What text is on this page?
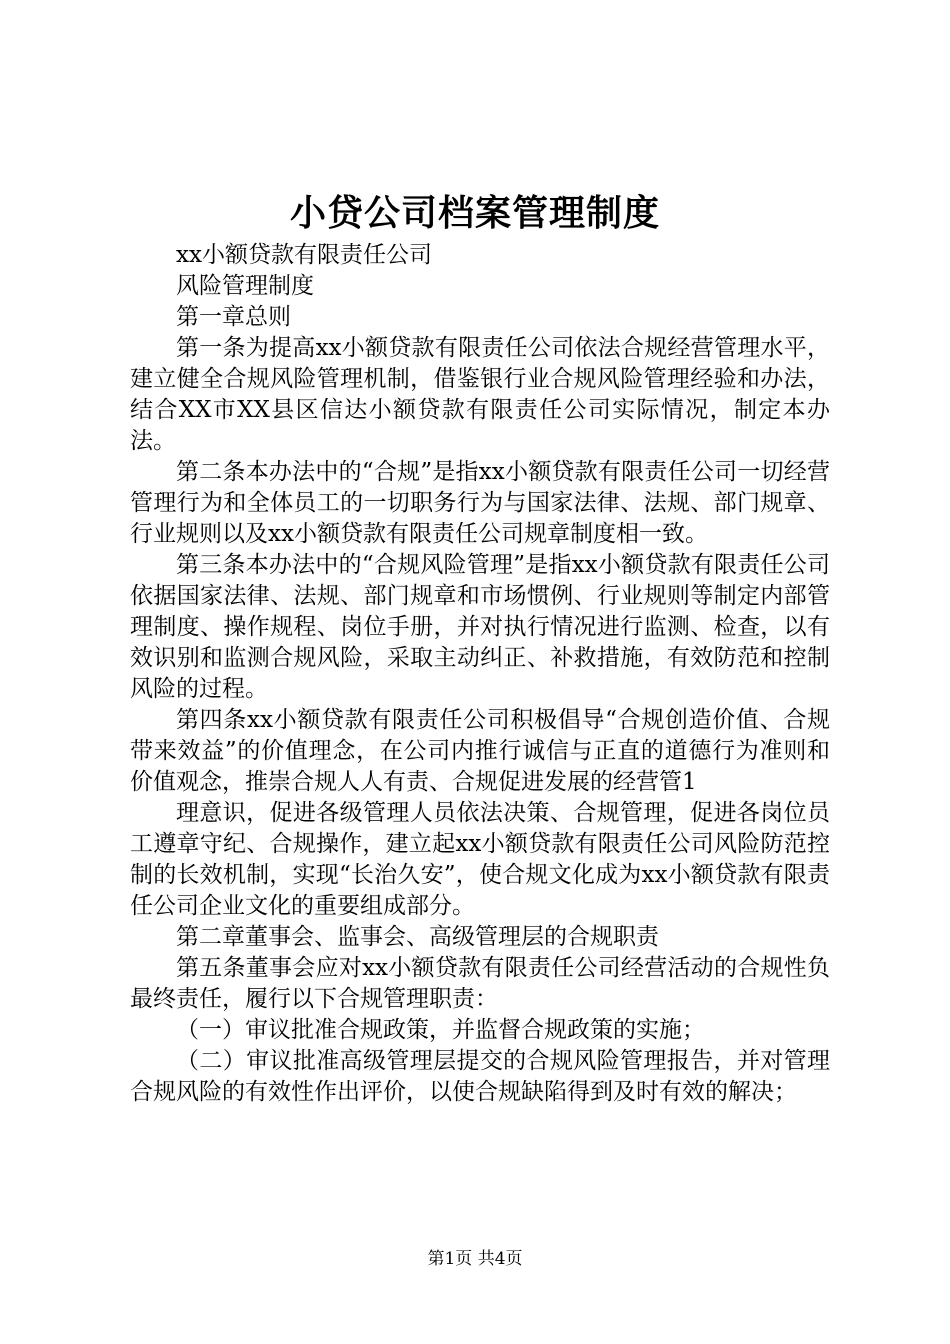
小贷公司档案管理制度

xx小额贷款有限责任公司

风险管理制度

第一章总则

第一条为提高xx小额贷款有限责任公司依法合规经营管理水平，建立健全合规风险管理机制，借鉴银行业合规风险管理经验和办法，结合XX市XX县区信达小额贷款有限责任公司实际情况，制定本办法。

第二条本办法中的“合规”是指xx小额贷款有限责任公司一切经营管理行为和全体员工的一切职务行为与国家法律、法规、部门规章、行业规则以及xx小额贷款有限责任公司规章制度相一致。

第三条本办法中的“合规风险管理”是指xx小额贷款有限责任公司依据国家法律、法规、部门规章和市场惯例、行业规则等制定内部管理制度、操作规程、岗位手册，并对执行情况进行监测、检查，以有效识别和监测合规风险，采取主动纠正、补救措施，有效防范和控制风险的过程。

第四条xx小额贷款有限责任公司积极倡导“合规创造价值、合规带来效益”的价值理念，在公司内推行诚信与正直的道德行为准则和价值观念，推崇合规人人有责、合规促进发展的经营管1

理意识，促进各级管理人员依法决策、合规管理，促进各岗位员工遵章守纪、合规操作，建立起xx小额贷款有限责任公司风险防范控制的长效机制，实现“长治久安”，使合规文化成为xx小额贷款有限责任公司企业文化的重要组成部分。

第二章董事会、监事会、高级管理层的合规职责

第五条董事会应对xx小额贷款有限责任公司经营活动的合规性负最终责任，履行以下合规管理职责：

（一）审议批准合规政策，并监督合规政策的实施；

（二）审议批准高级管理层提交的合规风险管理报告，并对管理合规风险的有效性作出评价，以使合规缺陷得到及时有效的解决；

第1页 共4页
